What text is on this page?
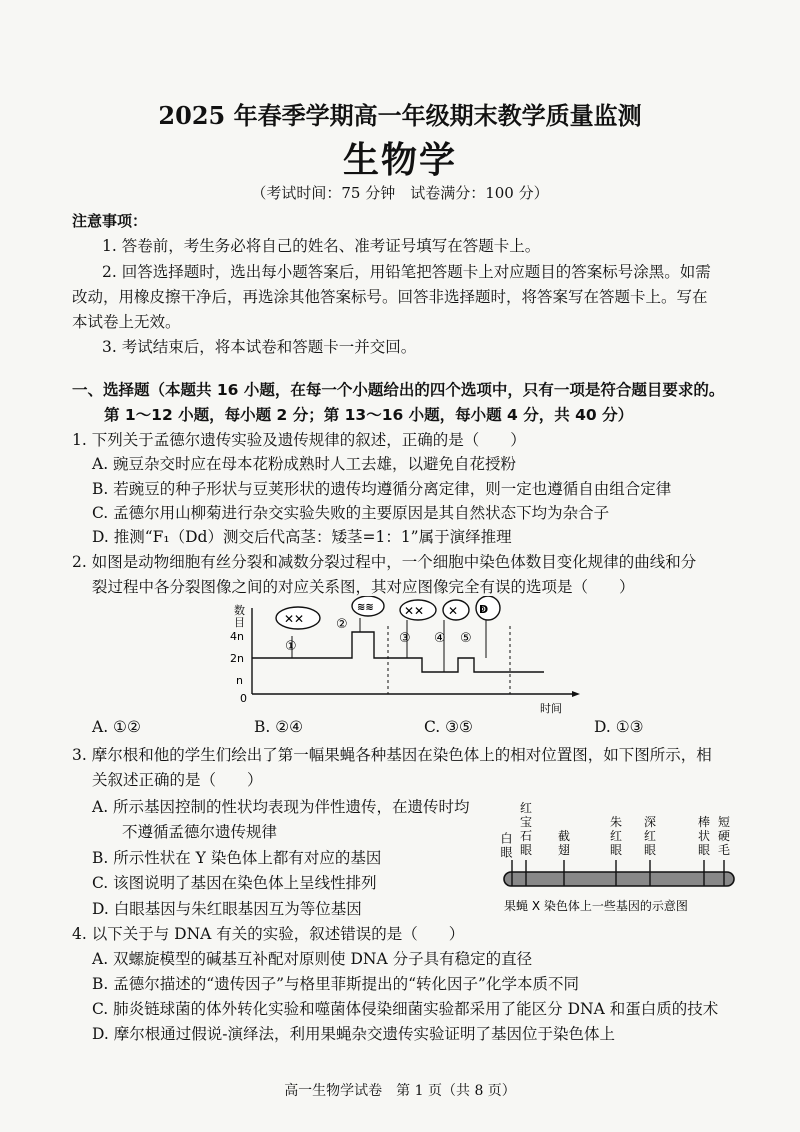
2025 年春季学期高一年级期末教学质量监测
生物学
（考试时间：75 分钟　试卷满分：100 分）
注意事项：
1. 答卷前，考生务必将自己的姓名、准考证号填写在答题卡上。
2. 回答选择题时，选出每小题答案后，用铅笔把答题卡上对应题目的答案标号涂黑。如需
改动，用橡皮擦干净后，再选涂其他答案标号。回答非选择题时，将答案写在答题卡上。写在
本试卷上无效。
3. 考试结束后，将本试卷和答题卡一并交回。
一、选择题（本题共 16 小题，在每一个小题给出的四个选项中，只有一项是符合题目要求的。
第 1～12 小题，每小题 2 分；第 13～16 小题，每小题 4 分，共 40 分）
1. 下列关于孟德尔遗传实验及遗传规律的叙述，正确的是（　　）
A. 豌豆杂交时应在母本花粉成熟时人工去雄，以避免自花授粉
B. 若豌豆的种子形状与豆荚形状的遗传均遵循分离定律，则一定也遵循自由组合定律
C. 孟德尔用山柳菊进行杂交实验失败的主要原因是其自然状态下均为杂合子
D. 推测“F₁（Dd）测交后代高茎：矮茎=1：1”属于演绎推理
2. 如图是动物细胞有丝分裂和减数分裂过程中，一个细胞中染色体数目变化规律的曲线和分
裂过程中各分裂图像之间的对应关系图，其对应图像完全有误的选项是（　　）
数
目
4n
2n
n
0
时间
✕✕
≋≋	✕✕ ✕ ↁ
①
②
③ ④ ⑤
A. ①②	B. ②④	C. ③⑤	D. ①③
3. 摩尔根和他的学生们绘出了第一幅果蝇各种基因在染色体上的相对位置图，如下图所示，相
关叙述正确的是（　　）
A. 所示基因控制的性状均表现为伴性遗传，在遗传时均
不遵循孟德尔遗传规律
B. 所示性状在 Y 染色体上都有对应的基因
C. 该图说明了基因在染色体上呈线性排列
D. 白眼基因与朱红眼基因互为等位基因
白眼
红宝石眼
截翅
朱红眼
深红眼
棒状眼
短硬毛
果蝇 X 染色体上一些基因的示意图
4. 以下关于与 DNA 有关的实验，叙述错误的是（　　）
A. 双螺旋模型的碱基互补配对原则使 DNA 分子具有稳定的直径
B. 孟德尔描述的“遗传因子”与格里菲斯提出的“转化因子”化学本质不同
C. 肺炎链球菌的体外转化实验和噬菌体侵染细菌实验都采用了能区分 DNA 和蛋白质的技术
D. 摩尔根通过假说-演绎法，利用果蝇杂交遗传实验证明了基因位于染色体上
高一生物学试卷　第 1 页（共 8 页）
